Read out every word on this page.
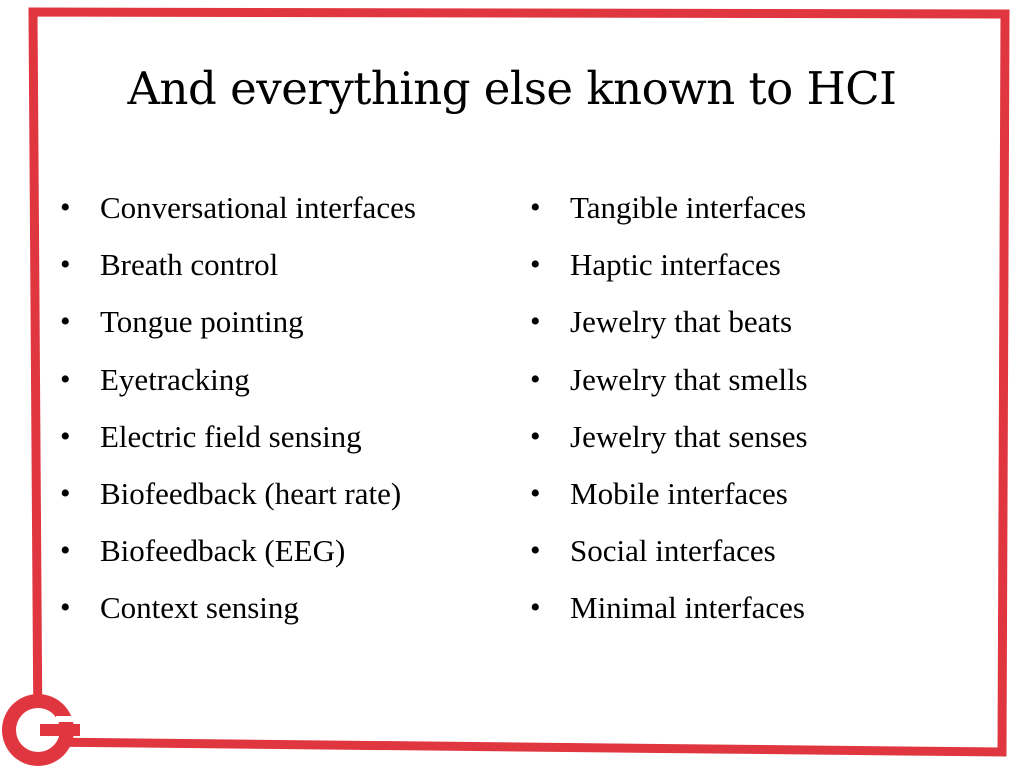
And everything else known to HCI
• Conversational interfaces
• Breath control
• Tongue pointing
• Eyetracking
• Electric field sensing
• Biofeedback (heart rate)
• Biofeedback (EEG)
• Context sensing
• Tangible interfaces
• Haptic interfaces
• Jewelry that beats
• Jewelry that smells
• Jewelry that senses
• Mobile interfaces
• Social interfaces
• Minimal interfaces
